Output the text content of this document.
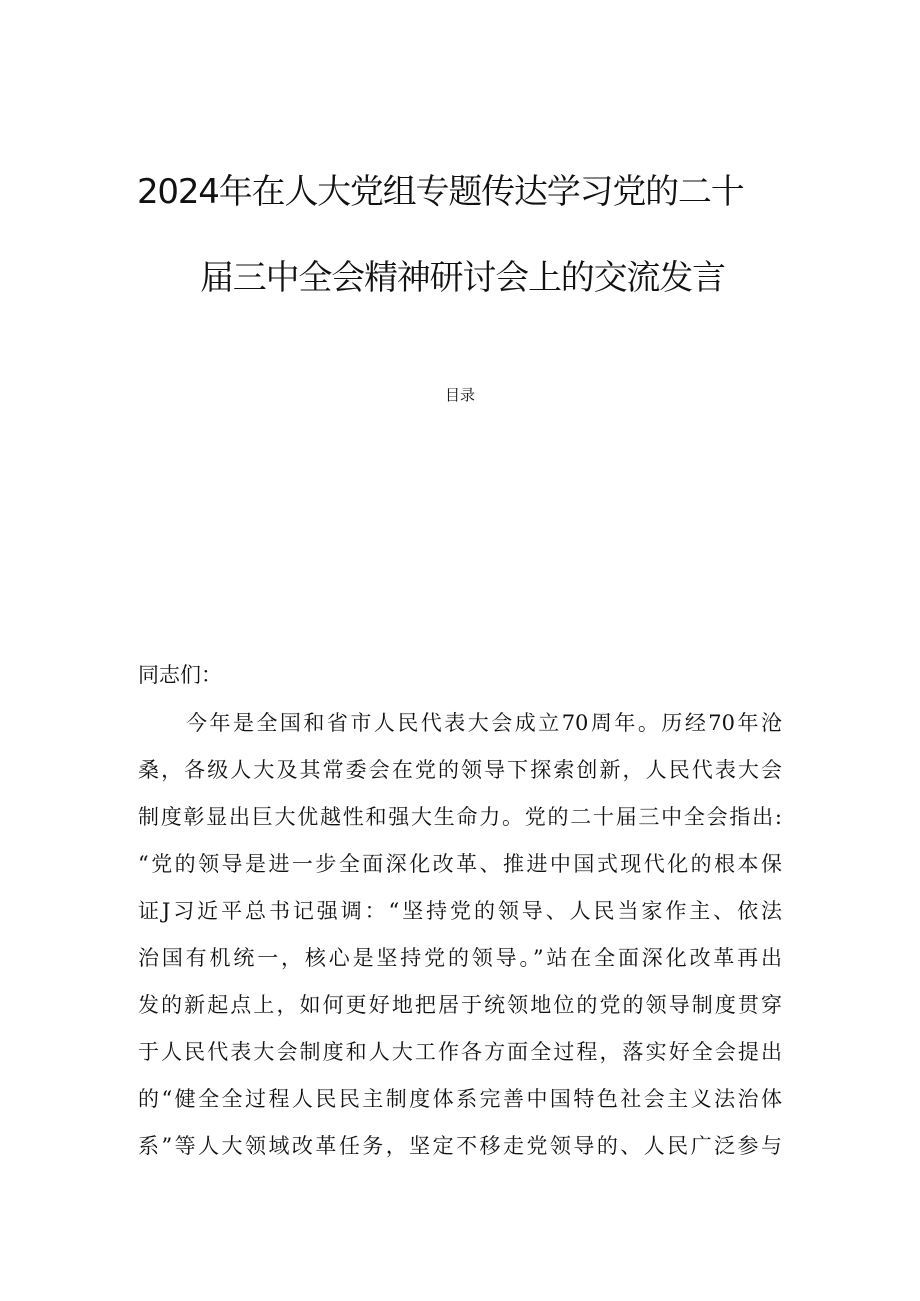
2024年在人大党组专题传达学习党的二十
届三中全会精神研讨会上的交流发言
目录
同志们：
今年是全国和省市人民代表大会成立70周年。历经70年沧
桑，各级人大及其常委会在党的领导下探索创新，人民代表大会
制度彰显出巨大优越性和强大生命力。党的二十届三中全会指出:
“党的领导是进一步全面深化改革、推进中国式现代化的根本保
证J习近平总书记强调：“坚持党的领导、人民当家作主、依法
治国有机统一，核心是坚持党的领导。”站在全面深化改革再出
发的新起点上，如何更好地把居于统领地位的党的领导制度贯穿
于人民代表大会制度和人大工作各方面全过程，落实好全会提出
的“健全全过程人民民主制度体系完善中国特色社会主义法治体
系”等人大领域改革任务，坚定不移走党领导的、人民广泛参与
